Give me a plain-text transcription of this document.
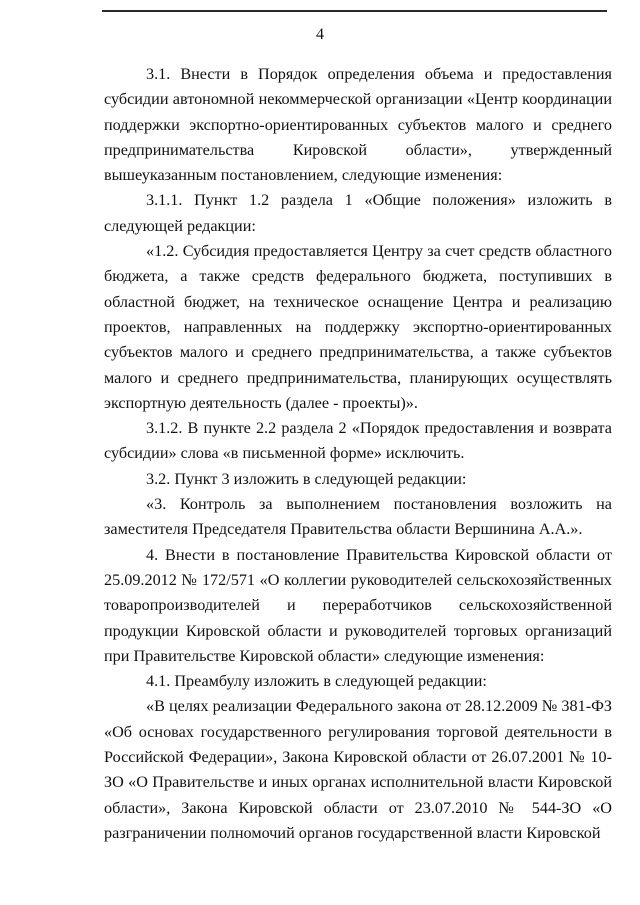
4

3.1. Внести в Порядок определения объема и предоставления субсидии автономной некоммерческой организации «Центр координации поддержки экспортно-ориентированных субъектов малого и среднего предпринимательства Кировской области», утвержденный вышеуказанным постановлением, следующие изменения:

3.1.1. Пункт 1.2 раздела 1 «Общие положения» изложить в следующей редакции:

«1.2. Субсидия предоставляется Центру за счет средств областного бюджета, а также средств федерального бюджета, поступивших в областной бюджет, на техническое оснащение Центра и реализацию проектов, направленных на поддержку экспортно-ориентированных субъектов малого и среднего предпринимательства, а также субъектов малого и среднего предпринимательства, планирующих осуществлять экспортную деятельность (далее - проекты)».

3.1.2. В пункте 2.2 раздела 2 «Порядок предоставления и возврата субсидии» слова «в письменной форме» исключить.

3.2. Пункт 3 изложить в следующей редакции:

«3. Контроль за выполнением постановления возложить на заместителя Председателя Правительства области Вершинина А.А.».

4. Внести в постановление Правительства Кировской области от 25.09.2012 № 172/571 «О коллегии руководителей сельскохозяйственных товаропроизводителей и переработчиков сельскохозяйственной продукции Кировской области и руководителей торговых организаций при Правительстве Кировской области» следующие изменения:

4.1. Преамбулу изложить в следующей редакции:

«В целях реализации Федерального закона от 28.12.2009 № 381-ФЗ «Об основах государственного регулирования торговой деятельности в Российской Федерации», Закона Кировской области от 26.07.2001 № 10-ЗО «О Правительстве и иных органах исполнительной власти Кировской области», Закона Кировской области от 23.07.2010 № 544-ЗО «О разграничении полномочий органов государственной власти Кировской
